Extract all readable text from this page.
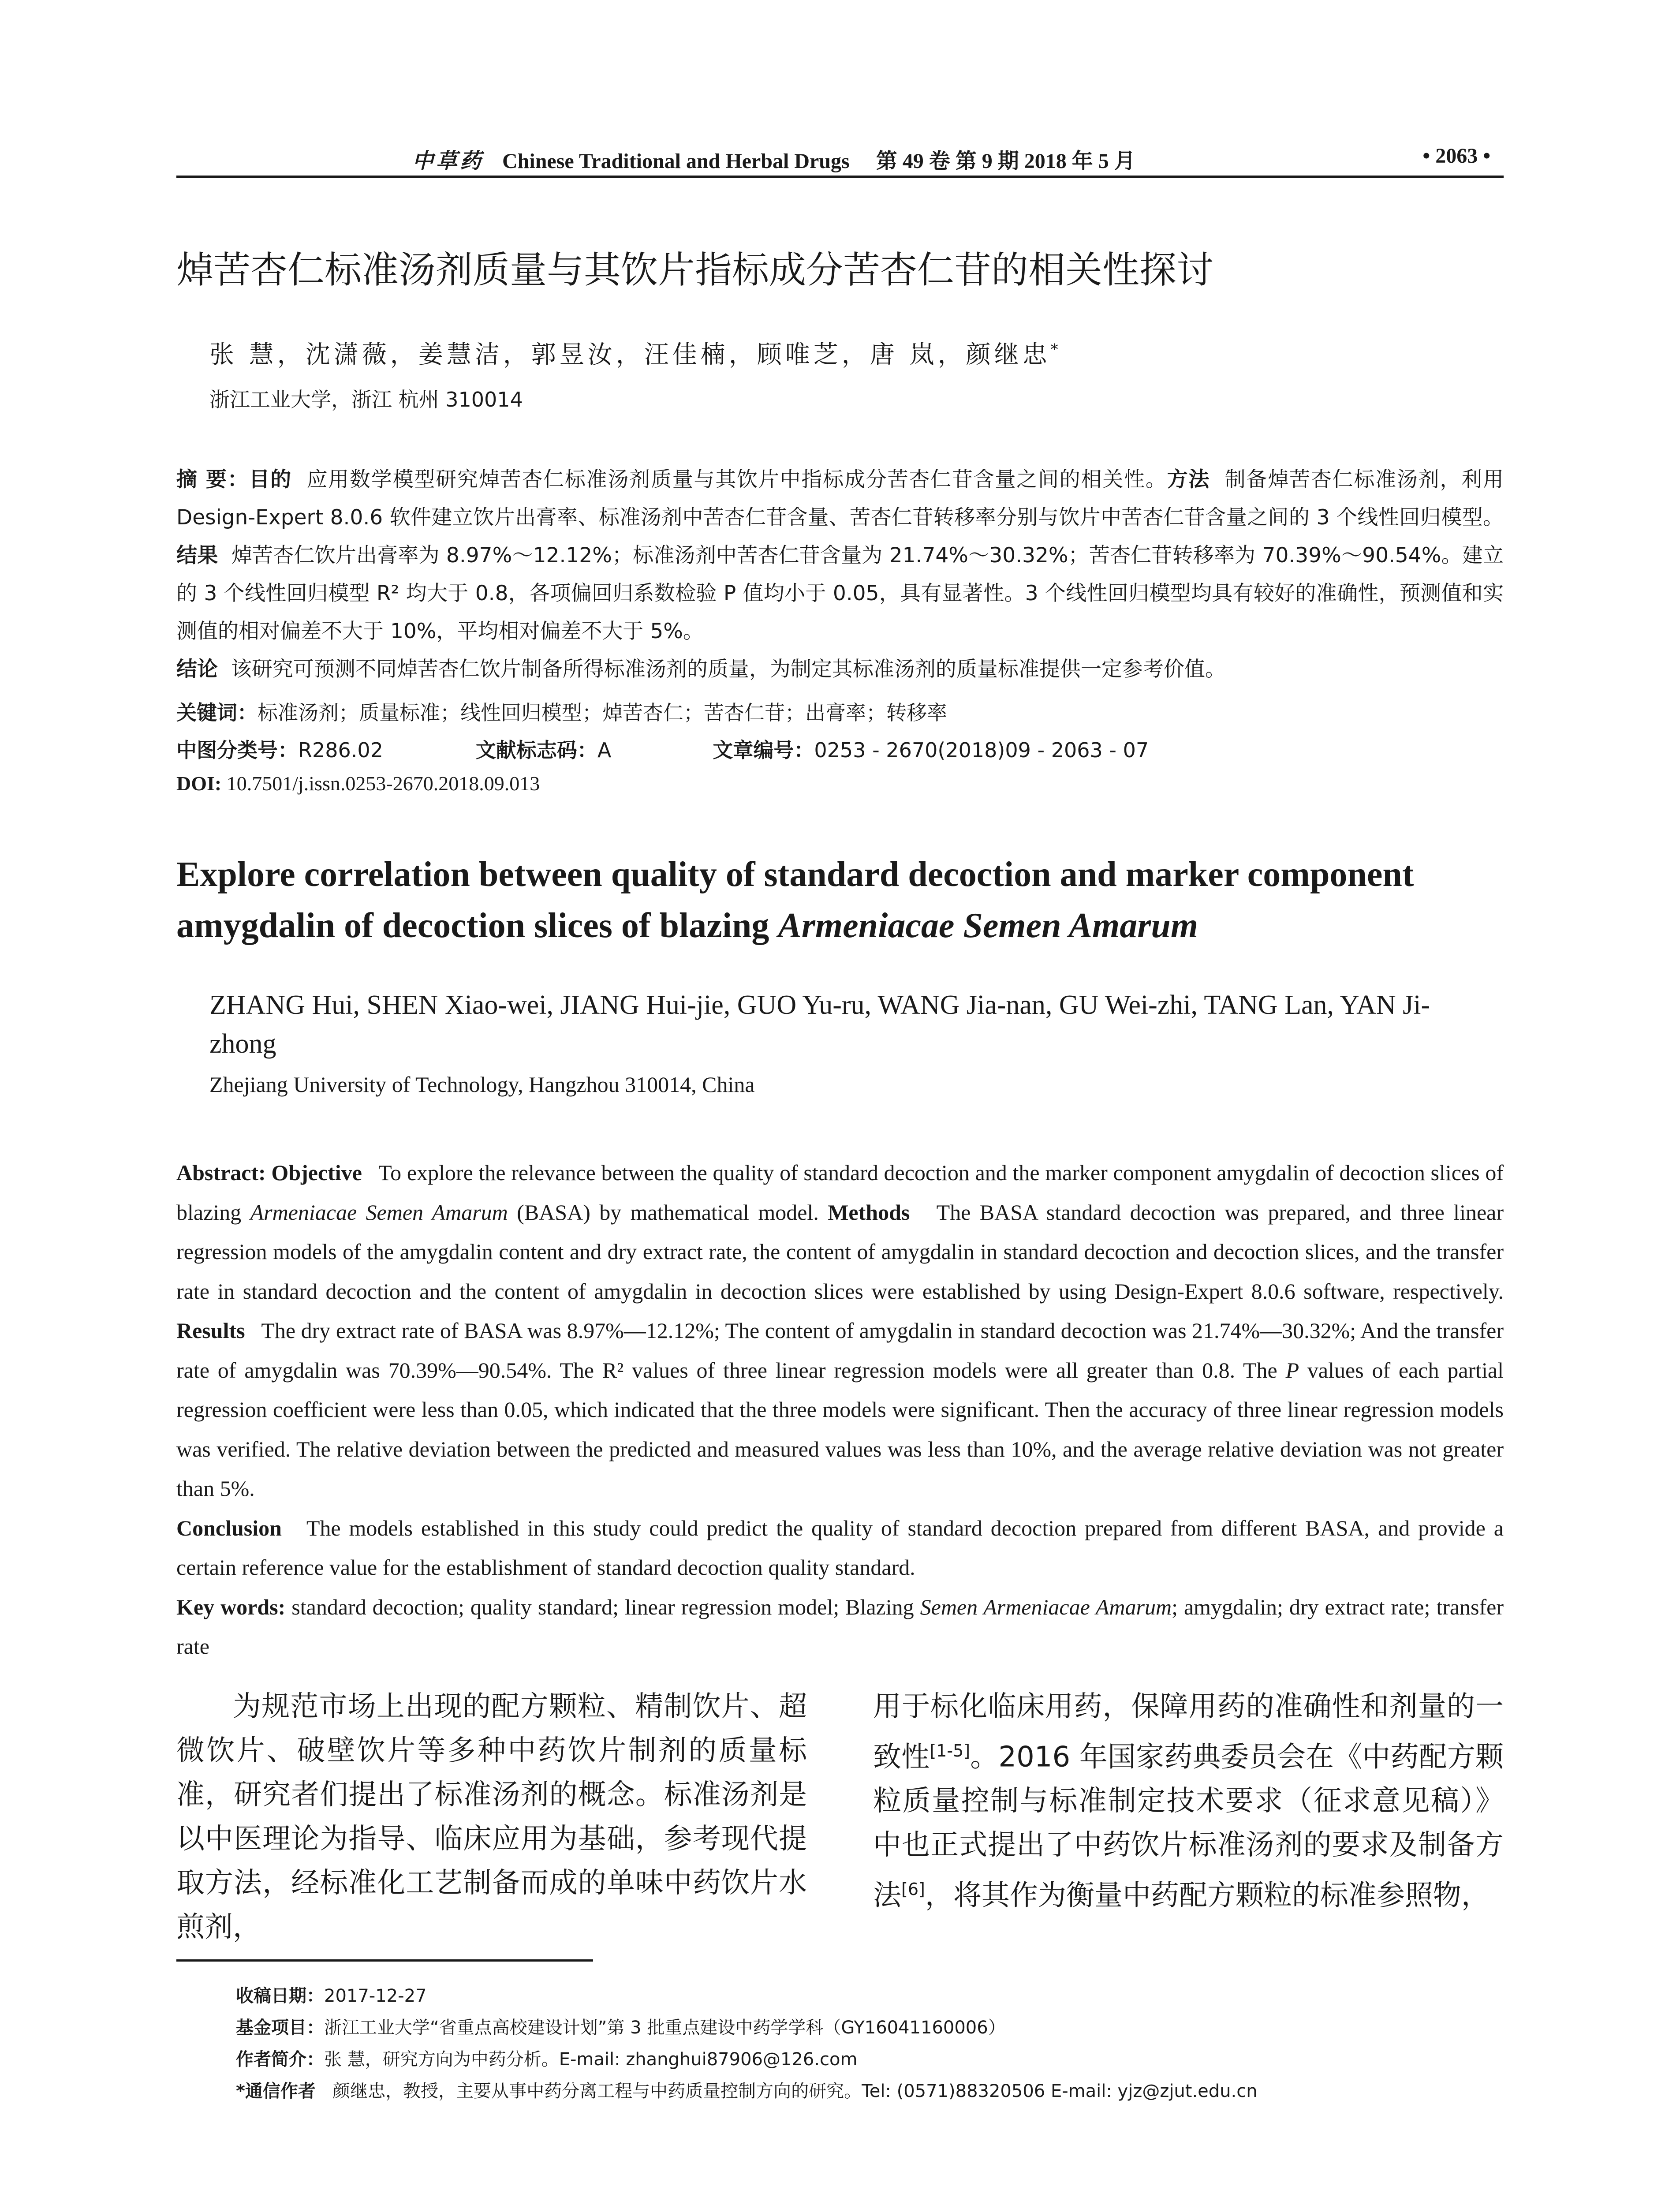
中草药 Chinese Traditional and Herbal Drugs 第 49 卷 第 9 期 2018 年 5 月	• 2063 •
焯苦杏仁标准汤剂质量与其饮片指标成分苦杏仁苷的相关性探讨
张 慧，沈潇薇，姜慧洁，郭昱汝，汪佳楠，顾唯芝，唐 岚，颜继忠*
浙江工业大学，浙江 杭州 310014
摘 要：目的 应用数学模型研究焯苦杏仁标准汤剂质量与其饮片中指标成分苦杏仁苷含量之间的相关性。方法 制备焯苦杏仁标准汤剂，利用 Design-Expert 8.0.6 软件建立饮片出膏率、标准汤剂中苦杏仁苷含量、苦杏仁苷转移率分别与饮片中苦杏仁苷含量之间的 3 个线性回归模型。结果 焯苦杏仁饮片出膏率为 8.97%～12.12%；标准汤剂中苦杏仁苷含量为 21.74%～30.32%；苦杏仁苷转移率为 70.39%～90.54%。建立的 3 个线性回归模型 R² 均大于 0.8，各项偏回归系数检验 P 值均小于 0.05，具有显著性。3 个线性回归模型均具有较好的准确性，预测值和实测值的相对偏差不大于 10%，平均相对偏差不大于 5%。
结论 该研究可预测不同焯苦杏仁饮片制备所得标准汤剂的质量，为制定其标准汤剂的质量标准提供一定参考价值。
关键词：标准汤剂；质量标准；线性回归模型；焯苦杏仁；苦杏仁苷；出膏率；转移率
中图分类号：R286.02	文献标志码：A	文章编号：0253 - 2670(2018)09 - 2063 - 07
DOI: 10.7501/j.issn.0253-2670.2018.09.013
Explore correlation between quality of standard decoction and marker component
amygdalin of decoction slices of blazing Armeniacae Semen Amarum
ZHANG Hui, SHEN Xiao-wei, JIANG Hui-jie, GUO Yu-ru, WANG Jia-nan, GU Wei-zhi, TANG Lan, YAN Ji-zhong
Zhejiang University of Technology, Hangzhou 310014, China
Abstract: Objective To explore the relevance between the quality of standard decoction and the marker component amygdalin of decoction slices of blazing Armeniacae Semen Amarum (BASA) by mathematical model. Methods The BASA standard decoction was prepared, and three linear regression models of the amygdalin content and dry extract rate, the content of amygdalin in standard decoction and decoction slices, and the transfer rate in standard decoction and the content of amygdalin in decoction slices were established by using Design-Expert 8.0.6 software, respectively. Results The dry extract rate of BASA was 8.97%—12.12%; The content of amygdalin in standard decoction was 21.74%—30.32%; And the transfer rate of amygdalin was 70.39%—90.54%. The R² values of three linear regression models were all greater than 0.8. The P values of each partial regression coefficient were less than 0.05, which indicated that the three models were significant. Then the accuracy of three linear regression models was verified. The relative deviation between the predicted and measured values was less than 10%, and the average relative deviation was not greater than 5%.
Conclusion The models established in this study could predict the quality of standard decoction prepared from different BASA, and provide a certain reference value for the establishment of standard decoction quality standard.
Key words: standard decoction; quality standard; linear regression model; Blazing Semen Armeniacae Amarum; amygdalin; dry extract rate; transfer rate
为规范市场上出现的配方颗粒、精制饮片、超微饮片、破壁饮片等多种中药饮片制剂的质量标准，研究者们提出了标准汤剂的概念。标准汤剂是以中医理论为指导、临床应用为基础，参考现代提取方法，经标准化工艺制备而成的单味中药饮片水煎剂，
用于标化临床用药，保障用药的准确性和剂量的一致性[1-5]。2016 年国家药典委员会在《中药配方颗粒质量控制与标准制定技术要求（征求意见稿）》中也正式提出了中药饮片标准汤剂的要求及制备方法[6]，将其作为衡量中药配方颗粒的标准参照物，
收稿日期：2017-12-27
基金项目：浙江工业大学“省重点高校建设计划”第 3 批重点建设中药学学科（GY16041160006）
作者简介：张 慧，研究方向为中药分析。E-mail: zhanghui87906@126.com
*通信作者 颜继忠，教授，主要从事中药分离工程与中药质量控制方向的研究。Tel: (0571)88320506 E-mail: yjz@zjut.edu.cn
